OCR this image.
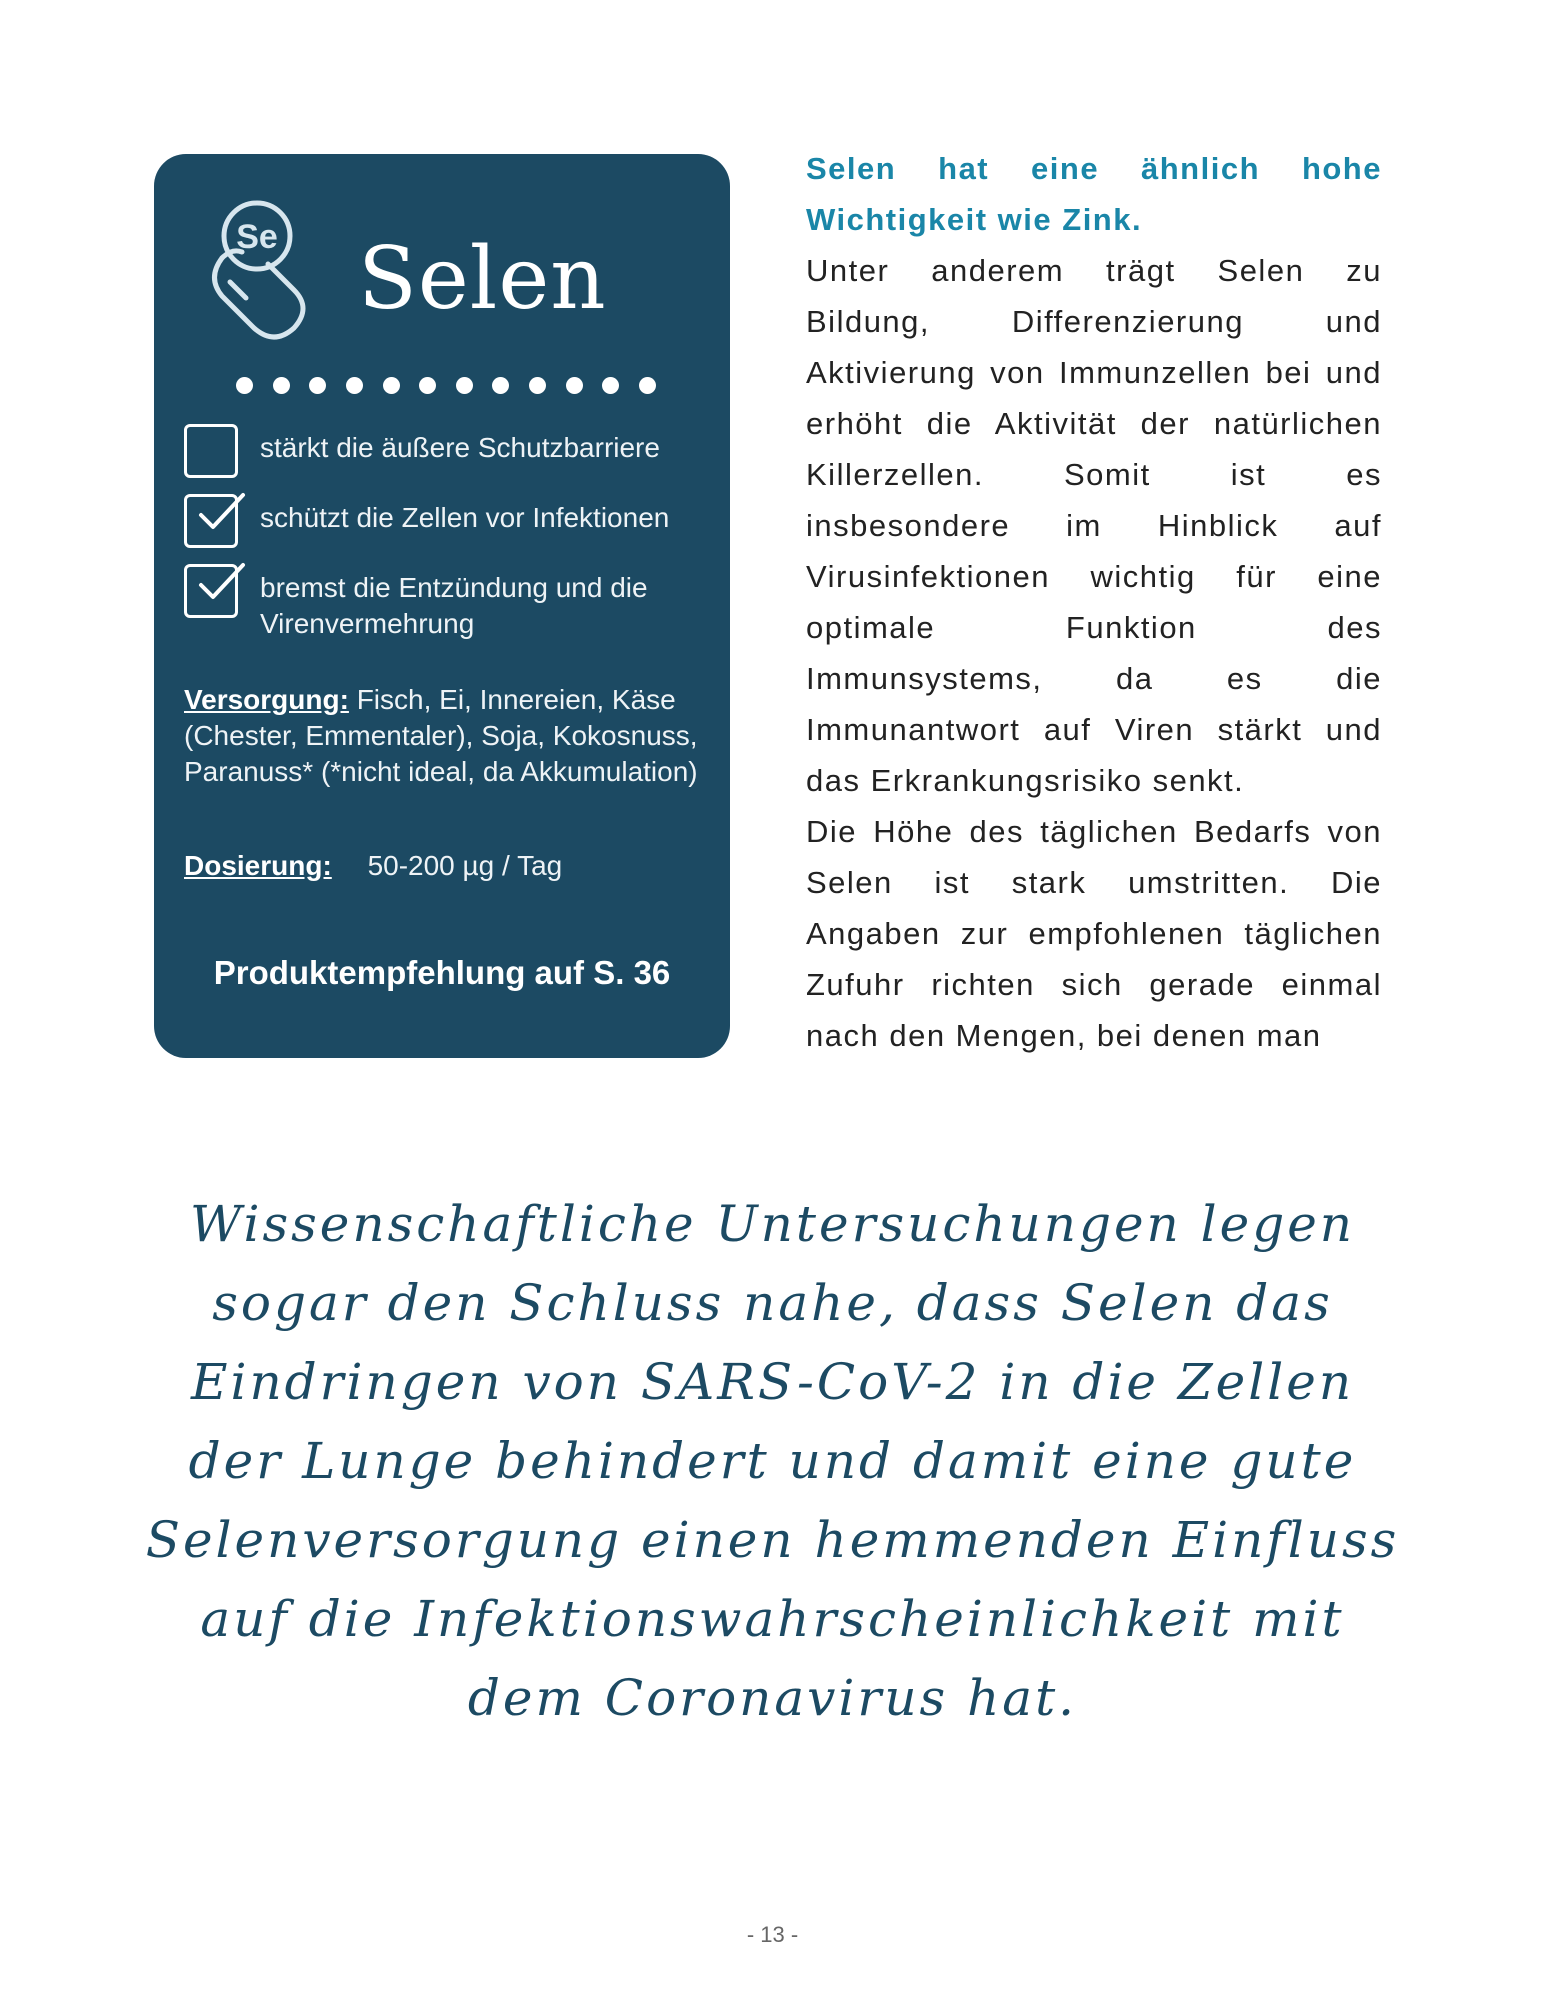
Se Selen
stärkt die äußere Schutzbarriere
schützt die Zellen vor Infektionen
bremst die Entzündung und die Virenvermehrung
Versorgung: Fisch, Ei, Innereien, Käse (Chester, Emmentaler), Soja, Kokosnuss, Paranuss* (*nicht ideal, da Akkumulation)
Dosierung: 50-200 µg / Tag
Produktempfehlung auf S. 36

Selen hat eine ähnlich hohe Wichtigkeit wie Zink.

Unter anderem trägt Selen zu Bildung, Differenzierung und Aktivierung von Immunzellen bei und erhöht die Aktivität der natürlichen Killerzellen. Somit ist es insbesondere im Hinblick auf Virusinfektionen wichtig für eine optimale Funktion des Immunsystems, da es die Immunantwort auf Viren stärkt und das Erkrankungsrisiko senkt.

Die Höhe des täglichen Bedarfs von Selen ist stark umstritten. Die Angaben zur empfohlenen täglichen Zufuhr richten sich gerade einmal nach den Mengen, bei denen man

Wissenschaftliche Untersuchungen legen sogar den Schluss nahe, dass Selen das Eindringen von SARS-CoV-2 in die Zellen der Lunge behindert und damit eine gute Selenversorgung einen hemmenden Einfluss auf die Infektionswahrscheinlichkeit mit dem Coronavirus hat.
- 13 -
